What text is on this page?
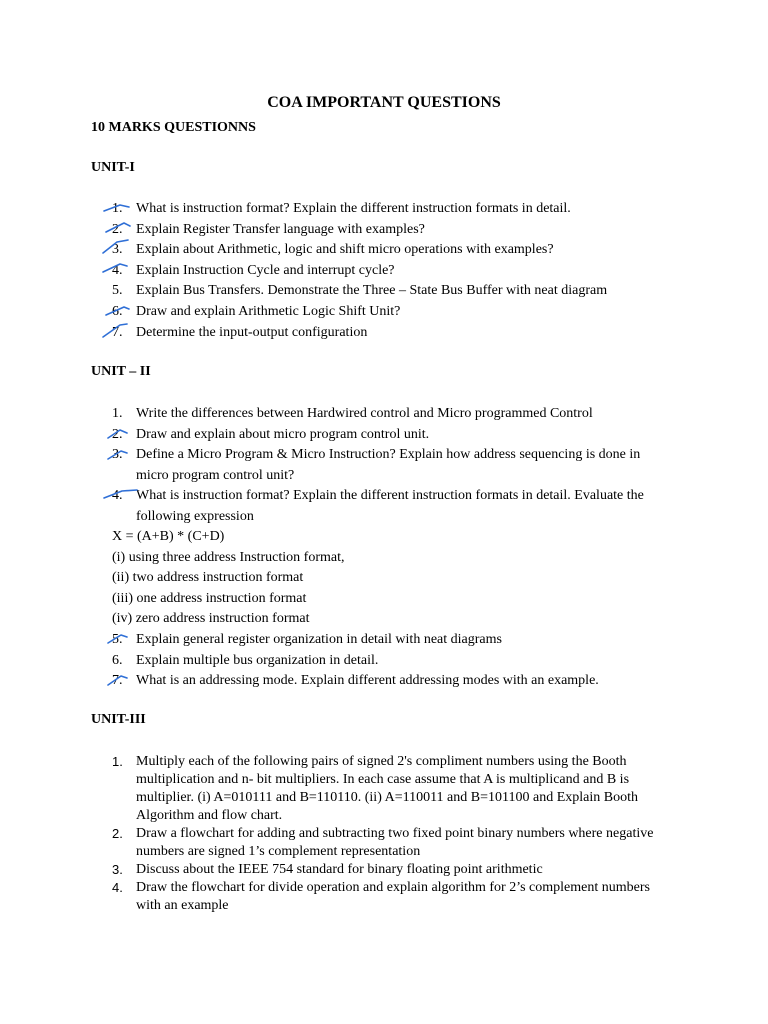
COA IMPORTANT QUESTIONS
10 MARKS QUESTIONNS
UNIT-I
1. What is instruction format? Explain the different instruction formats in detail.
2. Explain Register Transfer language with examples?
3. Explain about Arithmetic, logic and shift micro operations with examples?
4. Explain Instruction Cycle and interrupt cycle?
5. Explain Bus Transfers. Demonstrate the Three – State Bus Buffer with neat diagram
6. Draw and explain Arithmetic Logic Shift Unit?
7. Determine the input-output configuration
UNIT – II
1. Write the differences between Hardwired control and Micro programmed Control
2. Draw and explain about micro program control unit.
3. Define a Micro Program & Micro Instruction? Explain how address sequencing is done in micro program control unit?
4. What is instruction format? Explain the different instruction formats in detail. Evaluate the following expression
X = (A+B) * (C+D)
(i) using three address Instruction format,
(ii) two address instruction format
(iii) one address instruction format
(iv) zero address instruction format
5. Explain general register organization in detail with neat diagrams
6. Explain multiple bus organization in detail.
7. What is an addressing mode. Explain different addressing modes with an example.
UNIT-III
1. Multiply each of the following pairs of signed 2's compliment numbers using the Booth multiplication and n- bit multipliers. In each case assume that A is multiplicand and B is multiplier. (i) A=010111 and B=110110. (ii) A=110011 and B=101100 and Explain Booth Algorithm and flow chart.
2. Draw a flowchart for adding and subtracting two fixed point binary numbers where negative numbers are signed 1’s complement representation
3. Discuss about the IEEE 754 standard for binary floating point arithmetic
4. Draw the flowchart for divide operation and explain algorithm for 2’s complement numbers with an example
